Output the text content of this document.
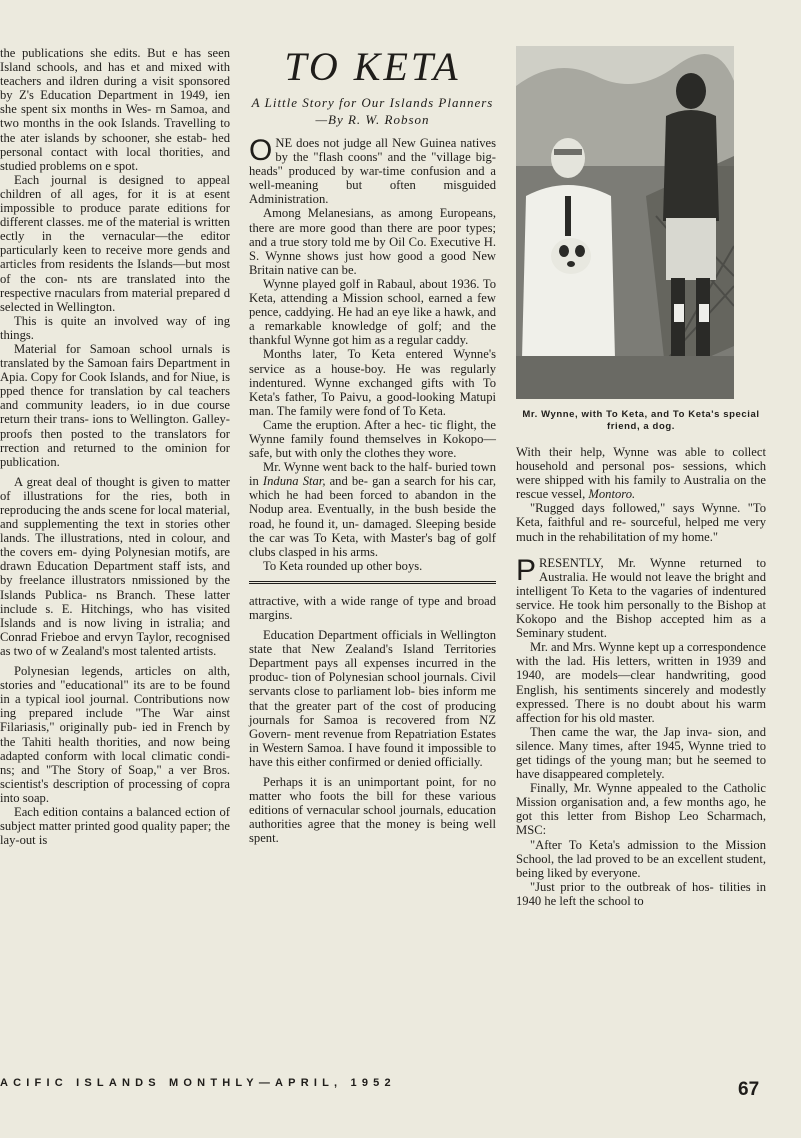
the publications she edits. But e has seen Island schools, and has et and mixed with teachers and ildren during a visit sponsored by Z's Education Department in 1949, ien she spent six months in Wes- rn Samoa, and two months in the ook Islands. Travelling to the ater islands by schooner, she estab- hed personal contact with local thorities, and studied problems on e spot.

Each journal is designed to appeal children of all ages, for it is at esent impossible to produce parate editions for different classes. me of the material is written ectly in the vernacular—the editor particularly keen to receive more gends and articles from residents the Islands—but most of the con- nts are translated into the respective rnaculars from material prepared d selected in Wellington.

This is quite an involved way of ing things.

Material for Samoan school urnals is translated by the Samoan fairs Department in Apia. Copy for Cook Islands, and for Niue, is pped thence for translation by cal teachers and community leaders, io in due course return their trans- ions to Wellington. Galley-proofs then posted to the translators for rrection and returned to the ominion for publication.

A great deal of thought is given to matter of illustrations for the ries, both in reproducing the ands scene for local material, and supplementing the text in stories other lands. The illustrations, nted in colour, and the covers em- dying Polynesian motifs, are drawn Education Department staff ists, and by freelance illustrators nmissioned by the Islands Publica- ns Branch. These latter include s. E. Hitchings, who has visited Islands and is now living in istralia; and Conrad Frieboe and ervyn Taylor, recognised as two of w Zealand's most talented artists.

Polynesian legends, articles on alth, stories and "educational" its are to be found in a typical iool journal. Contributions now ing prepared include "The War ainst Filariasis," originally pub- ied in French by the Tahiti health thorities, and now being adapted conform with local climatic condi- ns; and "The Story of Soap," a ver Bros. scientist's description of processing of copra into soap.

Each edition contains a balanced ection of subject matter printed good quality paper; the lay-out is

TO KETA
A Little Story for Our Islands Planners—By R. W. Robson

ONE does not judge all New Guinea natives by the "flash coons" and the "village big-heads" produced by war-time confusion and a well-meaning but often misguided Administration.

Among Melanesians, as among Europeans, there are more good than there are poor types; and a true story told me by Oil Co. Executive H. S. Wynne shows just how good a good New Britain native can be.

Wynne played golf in Rabaul, about 1936. To Keta, attending a Mission school, earned a few pence, caddying. He had an eye like a hawk, and a remarkable knowledge of golf; and the thankful Wynne got him as a regular caddy.

Months later, To Keta entered Wynne's service as a house-boy. He was regularly indentured. Wynne exchanged gifts with To Keta's father, To Paivu, a good-looking Matupi man. The family were fond of To Keta.

Came the eruption. After a hec- tic flight, the Wynne family found themselves in Kokopo—safe, but with only the clothes they wore.

Mr. Wynne went back to the half- buried town in Induna Star, and be- gan a search for his car, which he had been forced to abandon in the Nodup area. Eventually, in the bush beside the road, he found it, un- damaged. Sleeping beside the car was To Keta, with Master's bag of golf clubs clasped in his arms.

To Keta rounded up other boys.

attractive, with a wide range of type and broad margins.

Education Department officials in Wellington state that New Zealand's Island Territories Department pays all expenses incurred in the produc- tion of Polynesian school journals. Civil servants close to parliament lob- bies inform me that the greater part of the cost of producing journals for Samoa is recovered from NZ Govern- ment revenue from Repatriation Estates in Western Samoa. I have found it impossible to have this either confirmed or denied officially.

Perhaps it is an unimportant point, for no matter who foots the bill for these various editions of vernacular school journals, education authorities agree that the money is being well spent.

Mr. Wynne, with To Keta, and To Keta's special friend, a dog.

With their help, Wynne was able to collect household and personal pos- sessions, which were shipped with his family to Australia on the rescue vessel, Montoro.

"Rugged days followed," says Wynne. "To Keta, faithful and re- sourceful, helped me very much in the rehabilitation of my home."

PRESENTLY, Mr. Wynne returned to Australia. He would not leave the bright and intelligent To Keta to the vagaries of indentured service. He took him personally to the Bishop at Kokopo and the Bishop accepted him as a Seminary student.

Mr. and Mrs. Wynne kept up a correspondence with the lad. His letters, written in 1939 and 1940, are models—clear handwriting, good English, his sentiments sincerely and modestly expressed. There is no doubt about his warm affection for his old master.

Then came the war, the Jap inva- sion, and silence. Many times, after 1945, Wynne tried to get tidings of the young man; but he seemed to have disappeared completely.

Finally, Mr. Wynne appealed to the Catholic Mission organisation and, a few months ago, he got this letter from Bishop Leo Scharmach, MSC:

"After To Keta's admission to the Mission School, the lad proved to be an excellent student, being liked by everyone.

"Just prior to the outbreak of hos- tilities in 1940 he left the school to

ACIFIC ISLANDS MONTHLY—APRIL, 1952	67
